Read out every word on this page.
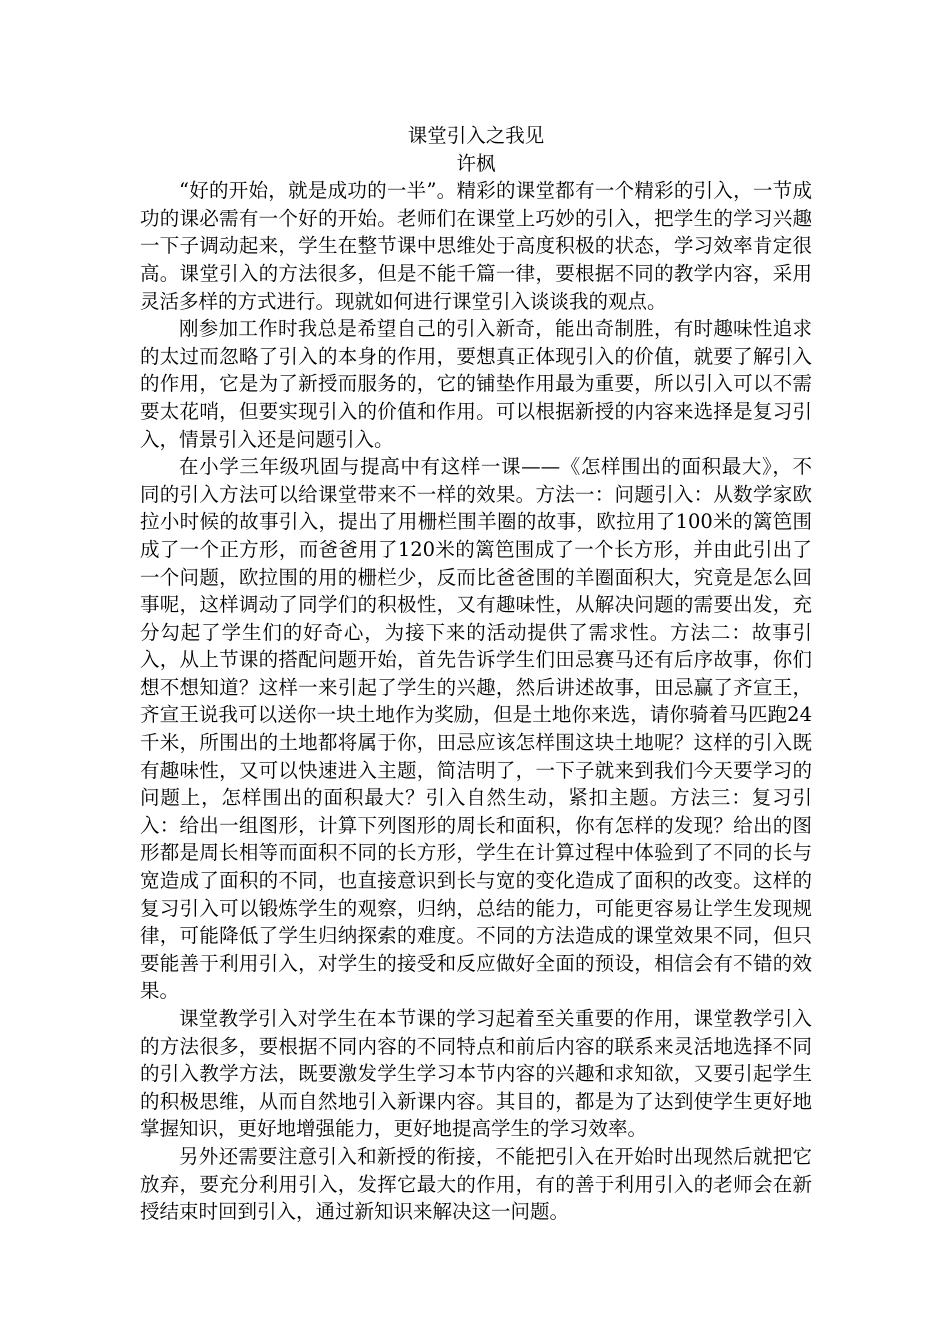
课堂引入之我见

许枫

“好的开始，就是成功的一半”。精彩的课堂都有一个精彩的引入，一节成功的课必需有一个好的开始。老师们在课堂上巧妙的引入，把学生的学习兴趣一下子调动起来，学生在整节课中思维处于高度积极的状态，学习效率肯定很高。课堂引入的方法很多，但是不能千篇一律，要根据不同的教学内容，采用灵活多样的方式进行。现就如何进行课堂引入谈谈我的观点。

刚参加工作时我总是希望自己的引入新奇，能出奇制胜，有时趣味性追求的太过而忽略了引入的本身的作用，要想真正体现引入的价值，就要了解引入的作用，它是为了新授而服务的，它的铺垫作用最为重要，所以引入可以不需要太花哨，但要实现引入的价值和作用。可以根据新授的内容来选择是复习引入，情景引入还是问题引入。

在小学三年级巩固与提高中有这样一课——《怎样围出的面积最大》，不同的引入方法可以给课堂带来不一样的效果。方法一：问题引入：从数学家欧拉小时候的故事引入，提出了用栅栏围羊圈的故事，欧拉用了100米的篱笆围成了一个正方形，而爸爸用了120米的篱笆围成了一个长方形，并由此引出了一个问题，欧拉围的用的栅栏少，反而比爸爸围的羊圈面积大，究竟是怎么回事呢，这样调动了同学们的积极性，又有趣味性，从解决问题的需要出发，充分勾起了学生们的好奇心，为接下来的活动提供了需求性。方法二：故事引入，从上节课的搭配问题开始，首先告诉学生们田忌赛马还有后序故事，你们想不想知道？这样一来引起了学生的兴趣，然后讲述故事，田忌赢了齐宣王，齐宣王说我可以送你一块土地作为奖励，但是土地你来选，请你骑着马匹跑24千米，所围出的土地都将属于你，田忌应该怎样围这块土地呢？这样的引入既有趣味性，又可以快速进入主题，简洁明了，一下子就来到我们今天要学习的问题上，怎样围出的面积最大？引入自然生动，紧扣主题。方法三：复习引入：给出一组图形，计算下列图形的周长和面积，你有怎样的发现？给出的图形都是周长相等而面积不同的长方形，学生在计算过程中体验到了不同的长与宽造成了面积的不同，也直接意识到长与宽的变化造成了面积的改变。这样的复习引入可以锻炼学生的观察，归纳，总结的能力，可能更容易让学生发现规律，可能降低了学生归纳探索的难度。不同的方法造成的课堂效果不同，但只要能善于利用引入，对学生的接受和反应做好全面的预设，相信会有不错的效果。

课堂教学引入对学生在本节课的学习起着至关重要的作用，课堂教学引入的方法很多，要根据不同内容的不同特点和前后内容的联系来灵活地选择不同的引入教学方法，既要激发学生学习本节内容的兴趣和求知欲，又要引起学生的积极思维，从而自然地引入新课内容。其目的，都是为了达到使学生更好地掌握知识，更好地增强能力，更好地提高学生的学习效率。

另外还需要注意引入和新授的衔接，不能把引入在开始时出现然后就把它放弃，要充分利用引入，发挥它最大的作用，有的善于利用引入的老师会在新授结束时回到引入，通过新知识来解决这一问题。
